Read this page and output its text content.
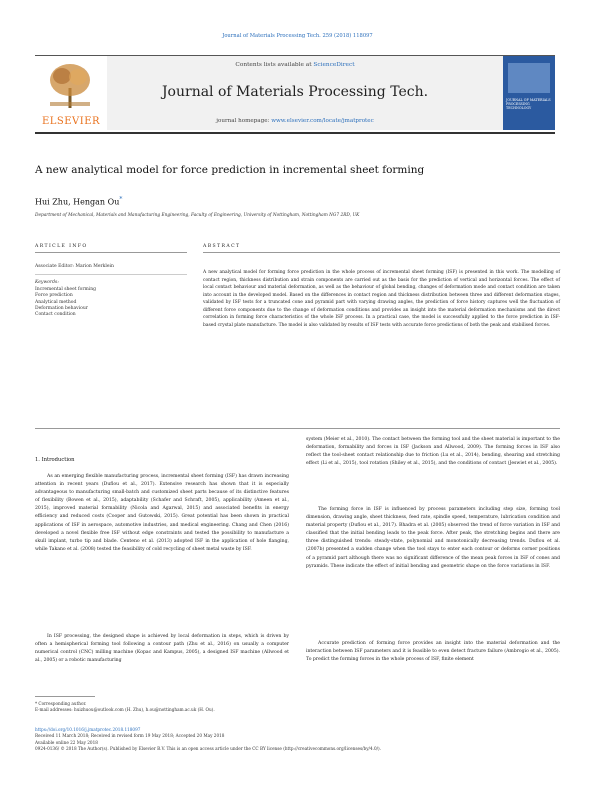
Journal of Materials Processing Tech. 259 (2018) 118097
ELSEVIER
Contents lists available at ScienceDirect
Journal of Materials Processing Tech.
journal homepage: www.elsevier.com/locate/jmatprotec
JOURNAL OF MATERIALS PROCESSING TECHNOLOGY
A new analytical model for force prediction in incremental sheet forming
Hui Zhu, Hengan Ou*
Department of Mechanical, Materials and Manufacturing Engineering, Faculty of Engineering, University of Nottingham, Nottingham NG7 2RD, UK
ARTICLE INFO	ABSTRACT
Associate Editor: Marion Merklein
Keywords:
Incremental sheet forming
Force prediction
Analytical method
Deformation behaviour
Contact condition
A new analytical model for forming force prediction in the whole process of incremental sheet forming (ISF) is presented in this work. The modelling of contact region, thickness distribution and strain components are carried out as the basis for the prediction of vertical and horizontal forces. The effect of local contact behaviour and material deformation, as well as the behaviour of global bending, changes of deformation mode and contact condition are taken into account in the developed model. Based on the differences in contact region and thickness distribution between three and different deformation stages, validated by ISF tests for a truncated cone and pyramid part with varying drawing angles, the prediction of force history captures well the fluctuation of different force components due to the change of deformation conditions and provides an insight into the material deformation mechanisms and the direct correlation in forming force characteristics of the whole ISF process. In a practical case, the model is successfully applied to the force prediction in ISF-based crystal plate manufacture. The model is also validated by results of ISF tests with accurate force predictions of both the peak and stabilised forces.
1. Introduction
As an emerging flexible manufacturing process, incremental sheet forming (ISF) has drawn increasing attention in recent years (Duflou et al., 2017). Extensive research has shown that it is especially advantageous to manufacturing small-batch and customized sheet parts because of its distinctive features of flexibility (Bowen et al., 2015), adaptability (Schafer and Schraft, 2005), applicability (Ameen et al., 2015), improved material formability (Nicola and Agarwal, 2015) and associated benefits in energy efficiency and reduced costs (Cooper and Gutowski, 2015). Great potential has been shown in practical applications of ISF in aerospace, automotive industries, and medical engineering. Chang and Chen (2016) developed a novel flexible free ISF without edge constraints and tested the possibility to manufacture a skull implant, turbo tip and blade. Centeno et al. (2013) adopted ISF in the application of hole flanging, while Takano et al. (2008) tested the feasibility of cold recycling of sheet metal waste by ISF.
In ISF processing, the designed shape is achieved by local deformation in steps, which is driven by often a hemispherical forming tool following a contour path (Zhu et al., 2016) on usually a computer numerical control (CNC) milling machine (Kopac and Kampus, 2005), a designed ISF machine (Allwood et al., 2005) or a robotic manufacturing
system (Meier et al., 2010). The contact between the forming tool and the sheet material is important to the deformation, formability and forces in ISF (Jackson and Allwood, 2009). The forming forces in ISF also reflect the tool-sheet contact relationship due to friction (Lu et al., 2014), bending, shearing and stretching effect (Li et al., 2015), tool rotation (Shiley et al., 2015), and the conditions of contact (Jeswiet et al., 2005).
The forming force in ISF is influenced by process parameters including step size, forming tool dimension, drawing angle, sheet thickness, feed rate, spindle speed, temperature, lubrication condition and material property (Duflou et al., 2017). Bhadra et al. (2005) observed the trend of force variation in ISF and classified that the initial bending leads to the peak force. After peak, the stretching begins and there are three distinguished trends: steady-state, polynomial and monotonically decreasing trends. Duflou et al. (2007b) presented a sudden change when the tool stays to enter each contour or deforms corner positions of a pyramid part although there was no significant difference of the mean peak forces in ISF of cones and pyramids. These indicate the effect of initial bending and geometric shape on the force variations in ISF.
Accurate prediction of forming force provides an insight into the material deformation and the interaction between ISF parameters and it is feasible to even detect fracture failure (Ambrogio et al., 2005). To predict the forming forces in the whole process of ISF, finite element
* Corresponding author.
E-mail addresses: huizhuou@outlook.com (H. Zhu), h.ou@nottingham.ac.uk (H. Ou).
https://doi.org/10.1016/j.jmatprotec.2018.118097
Received 11 March 2018; Received in revised form 19 May 2018; Accepted 20 May 2018
Available online 22 May 2018
0924-0136/ © 2018 The Author(s). Published by Elsevier B.V. This is an open access article under the CC BY license (http://creativecommons.org/licenses/by/4.0/).
